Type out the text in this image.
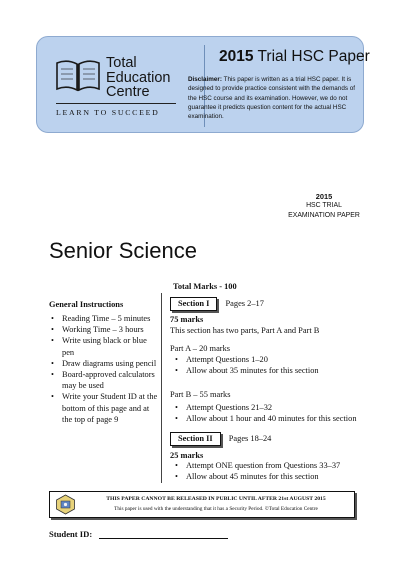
Total
Education
Centre
LEARN TO SUCCEED
2015 Trial HSC Paper
Disclaimer: This paper is written as a trial HSC paper. It is designed to provide practice consistent with the demands of the HSC course and its examination. However, we do not guarantee it predicts question content for the actual HSC examination.
2015
HSC TRIAL
EXAMINATION PAPER
Senior Science
General Instructions
• Reading Time – 5 minutes
• Working Time – 3 hours
• Write using black or blue pen
• Draw diagrams using pencil
• Board-approved calculators may be used
• Write your Student ID at the bottom of this page and at the top of page 9
Total Marks - 100
Section I Pages 2–17
75 marks
This section has two parts, Part A and Part B
Part A – 20 marks
• Attempt Questions 1–20
• Allow about 35 minutes for this section
Part B – 55 marks
• Attempt Questions 21–32
• Allow about 1 hour and 40 minutes for this section
Section II Pages 18–24
25 marks
• Attempt ONE question from Questions 33–37
• Allow about 45 minutes for this section
THIS PAPER CANNOT BE RELEASED IN PUBLIC UNTIL AFTER 21st AUGUST 2015
This paper is used with the understanding that it has a Security Period. ©Total Education Centre
Student ID:
